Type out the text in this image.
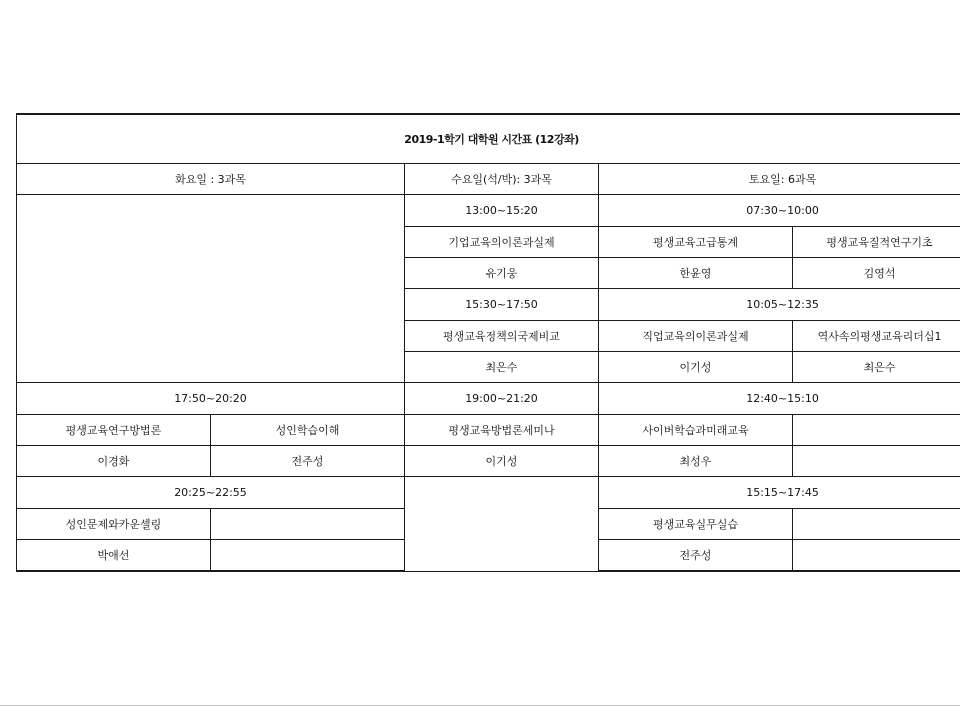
2019-1학기 대학원 시간표 (12강좌)				
화요일 : 3과목		수요일(석/박): 3과목	토요일: 6과목	
		13:00~15:20	07:30~10:00	
		기업교육의이론과실제	평생교육고급통계	평생교육질적연구기초
		유기웅	한윤영	김영석
		15:30~17:50	10:05~12:35	
		평생교육정책의국제비교	직업교육의이론과실제	역사속의평생교육리더십1
		최은수	이기성	최은수
17:50~20:20		19:00~21:20	12:40~15:10	
평생교육연구방법론	성인학습이해	평생교육방법론세미나	사이버학습과미래교육	
이경화	전주성	이기성	최성우	
20:25~22:55			15:15~17:45	
성인문제와카운셀링			평생교육실무실습	
박애선			전주성	
